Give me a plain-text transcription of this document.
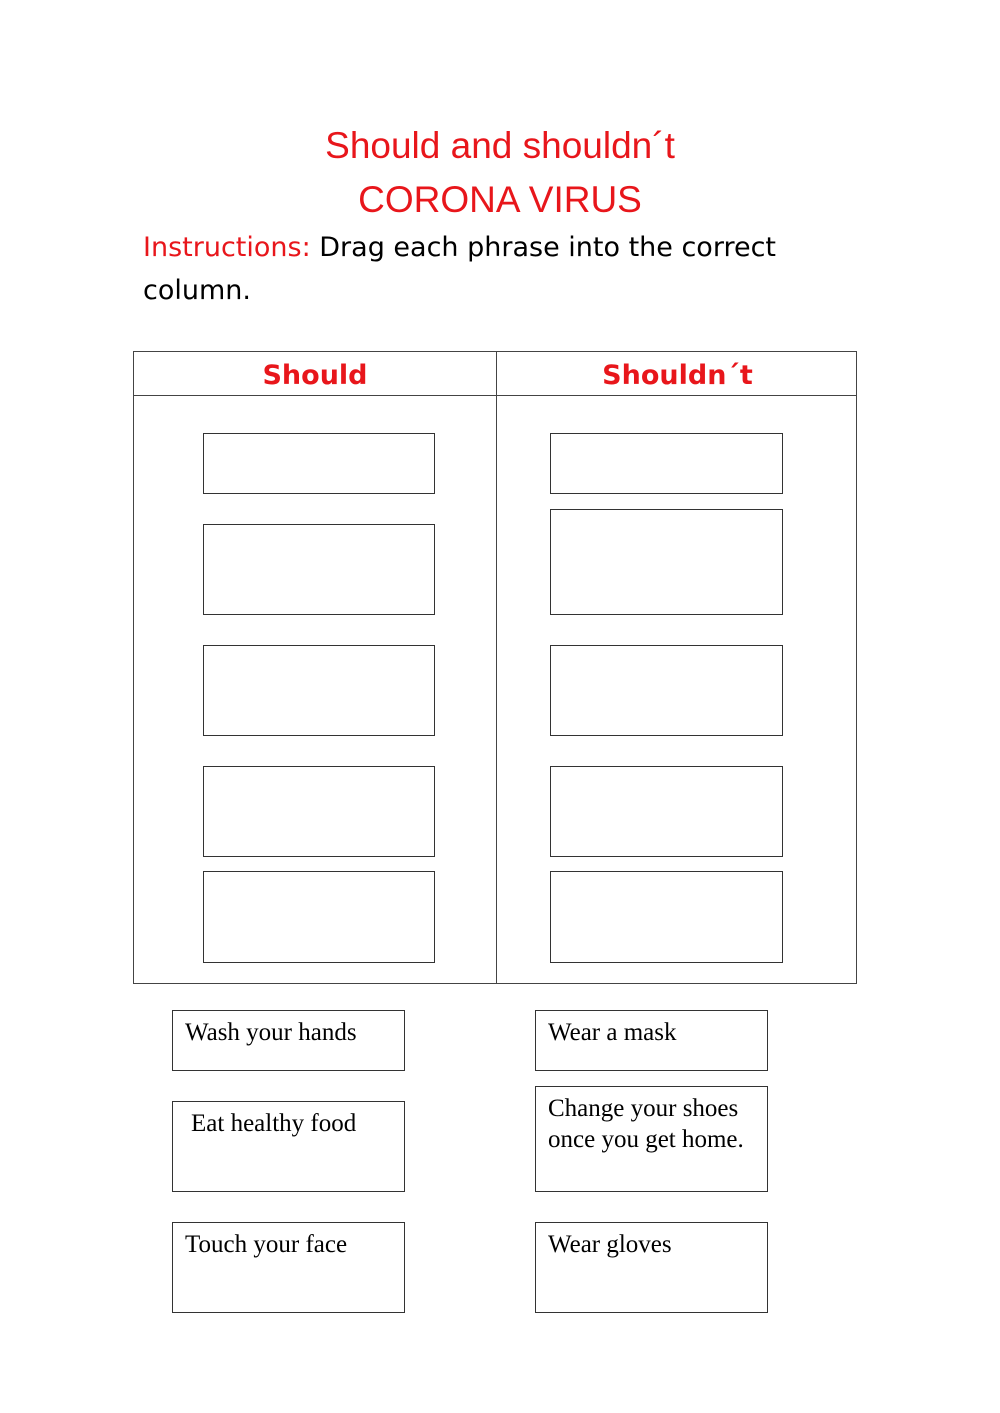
Should and shouldn´t
CORONA VIRUS
Instructions: Drag each phrase into the correct column.
Should	Shouldn´t
Wash your hands	Wear a mask
Eat healthy food
Change your shoes once you get home.
Touch your face	Wear gloves
